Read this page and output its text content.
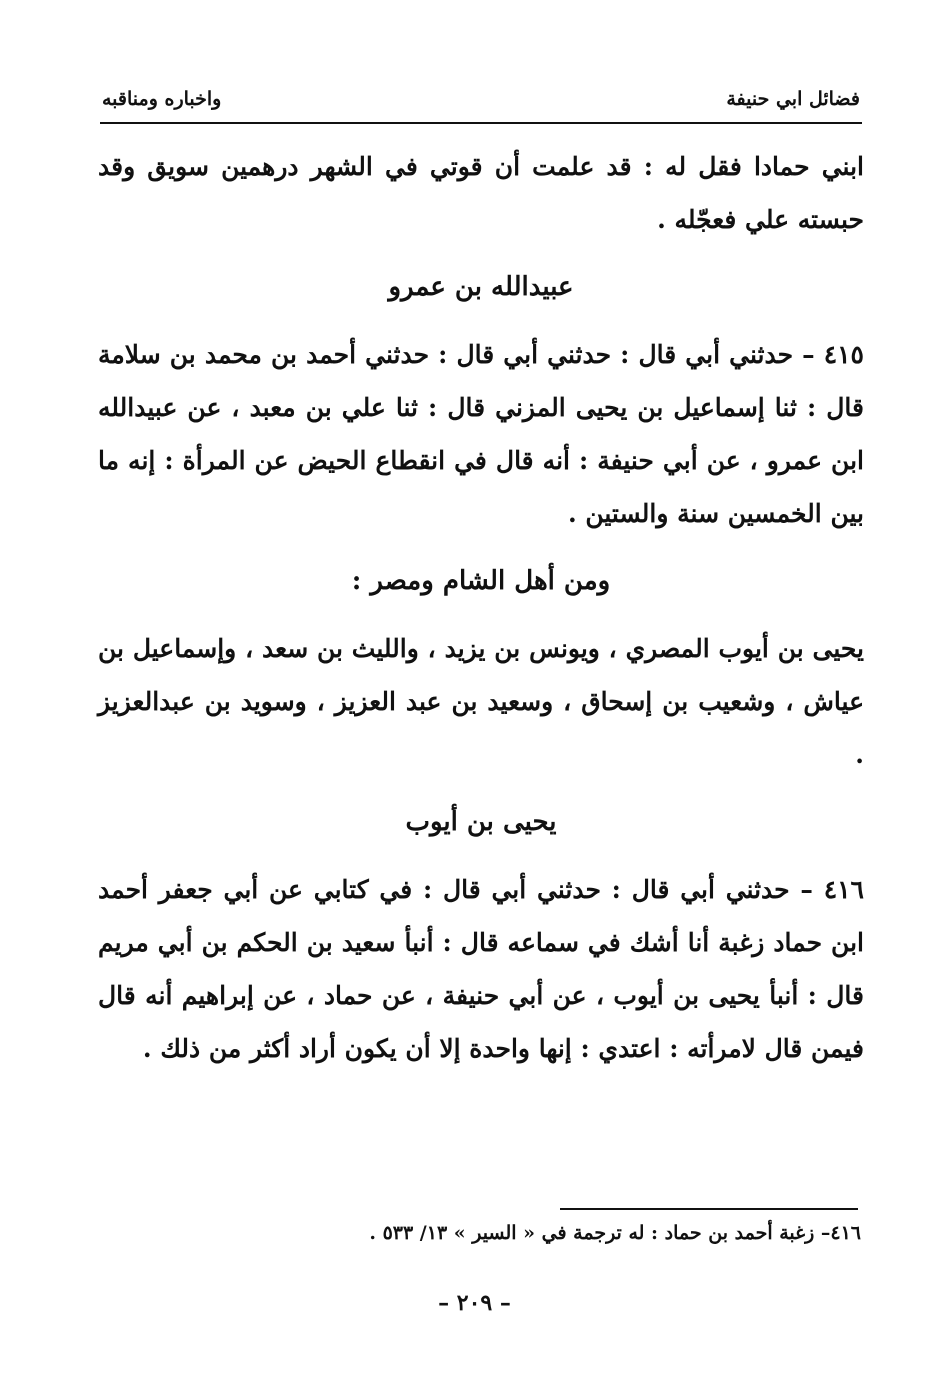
فضائل ابي حنيفة
واخباره ومناقبه

ابني حمادا فقل له : قد علمت أن قوتي في الشهر درهمين سويق وقد حبسته علي فعجّله .

عبيدالله بن عمرو

٤١٥ – حدثني أبي قال : حدثني أبي قال : حدثني أحمد بن محمد بن سلامة قال : ثنا إسماعيل بن يحيى المزني قال : ثنا علي بن معبد ، عن عبيدالله ابن عمرو ، عن أبي حنيفة : أنه قال في انقطاع الحيض عن المرأة : إنه ما بين الخمسين سنة والستين .

ومن أهل الشام ومصر :

يحيى بن أيوب المصري ، ويونس بن يزيد ، والليث بن سعد ، وإسماعيل بن عياش ، وشعيب بن إسحاق ، وسعيد بن عبد العزيز ، وسويد بن عبدالعزيز .

يحيى بن أيوب

٤١٦ – حدثني أبي قال : حدثني أبي قال : في كتابي عن أبي جعفر أحمد ابن حماد زغبة أنا أشك في سماعه قال : أنبأ سعيد بن الحكم بن أبي مريم قال : أنبأ يحيى بن أيوب ، عن أبي حنيفة ، عن حماد ، عن إبراهيم أنه قال فيمن قال لامرأته : اعتدي : إنها واحدة إلا أن يكون أراد أكثر من ذلك .

٤١٦– زغبة أحمد بن حماد : له ترجمة في « السير » ١٣/ ٥٣٣ .
– ٢٠٩ –
